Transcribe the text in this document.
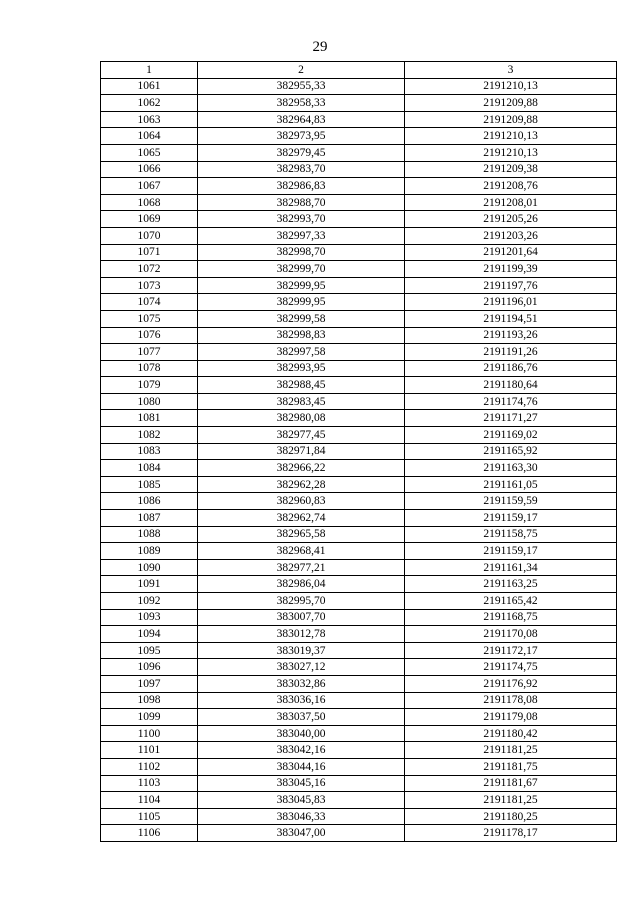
29
1	2	3
1061	382955,33	2191210,13
1062	382958,33	2191209,88
1063	382964,83	2191209,88
1064	382973,95	2191210,13
1065	382979,45	2191210,13
1066	382983,70	2191209,38
1067	382986,83	2191208,76
1068	382988,70	2191208,01
1069	382993,70	2191205,26
1070	382997,33	2191203,26
1071	382998,70	2191201,64
1072	382999,70	2191199,39
1073	382999,95	2191197,76
1074	382999,95	2191196,01
1075	382999,58	2191194,51
1076	382998,83	2191193,26
1077	382997,58	2191191,26
1078	382993,95	2191186,76
1079	382988,45	2191180,64
1080	382983,45	2191174,76
1081	382980,08	2191171,27
1082	382977,45	2191169,02
1083	382971,84	2191165,92
1084	382966,22	2191163,30
1085	382962,28	2191161,05
1086	382960,83	2191159,59
1087	382962,74	2191159,17
1088	382965,58	2191158,75
1089	382968,41	2191159,17
1090	382977,21	2191161,34
1091	382986,04	2191163,25
1092	382995,70	2191165,42
1093	383007,70	2191168,75
1094	383012,78	2191170,08
1095	383019,37	2191172,17
1096	383027,12	2191174,75
1097	383032,86	2191176,92
1098	383036,16	2191178,08
1099	383037,50	2191179,08
1100	383040,00	2191180,42
1101	383042,16	2191181,25
1102	383044,16	2191181,75
1103	383045,16	2191181,67
1104	383045,83	2191181,25
1105	383046,33	2191180,25
1106	383047,00	2191178,17
